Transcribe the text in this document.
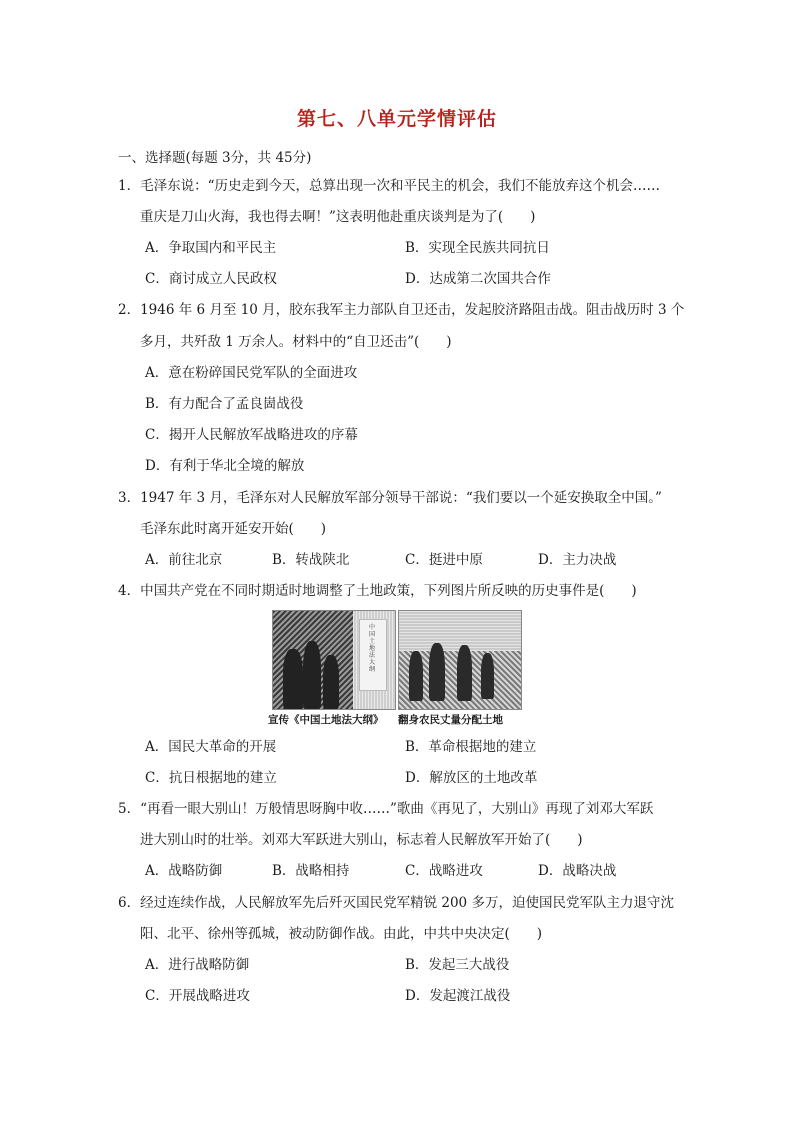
第七、八单元学情评估
一、选择题(每题 3分，共 45分)
1．毛泽东说：“历史走到今天，总算出现一次和平民主的机会，我们不能放弃这个机会……
重庆是刀山火海，我也得去啊！”这表明他赴重庆谈判是为了(　　)
A．争取国内和平民主	B．实现全民族共同抗日
C．商讨成立人民政权	D．达成第二次国共合作
2．1946 年 6 月至 10 月，胶东我军主力部队自卫还击，发起胶济路阻击战。阻击战历时 3 个
多月，共歼敌 1 万余人。材料中的“自卫还击”(　　)
A．意在粉碎国民党军队的全面进攻
B．有力配合了孟良崮战役
C．揭开人民解放军战略进攻的序幕
D．有利于华北全境的解放
3．1947 年 3 月，毛泽东对人民解放军部分领导干部说：“我们要以一个延安换取全中国。”
毛泽东此时离开延安开始(　　)
A．前往北京	B．转战陕北	C．挺进中原	D．主力决战
4．中国共产党在不同时期适时地调整了土地政策，下列图片所反映的历史事件是(　　)
中国土地法大纲
宣传《中国土地法大纲》 翻身农民丈量分配土地
A．国民大革命的开展	B．革命根据地的建立
C．抗日根据地的建立	D．解放区的土地改革
5．“再看一眼大别山！万般情思呀胸中收……”歌曲《再见了，大别山》再现了刘邓大军跃
进大别山时的壮举。刘邓大军跃进大别山，标志着人民解放军开始了(　　)
A．战略防御	B．战略相持	C．战略进攻	D．战略决战
6．经过连续作战，人民解放军先后歼灭国民党军精锐 200 多万，迫使国民党军队主力退守沈
阳、北平、徐州等孤城，被动防御作战。由此，中共中央决定(　　)
A．进行战略防御	B．发起三大战役
C．开展战略进攻	D．发起渡江战役
